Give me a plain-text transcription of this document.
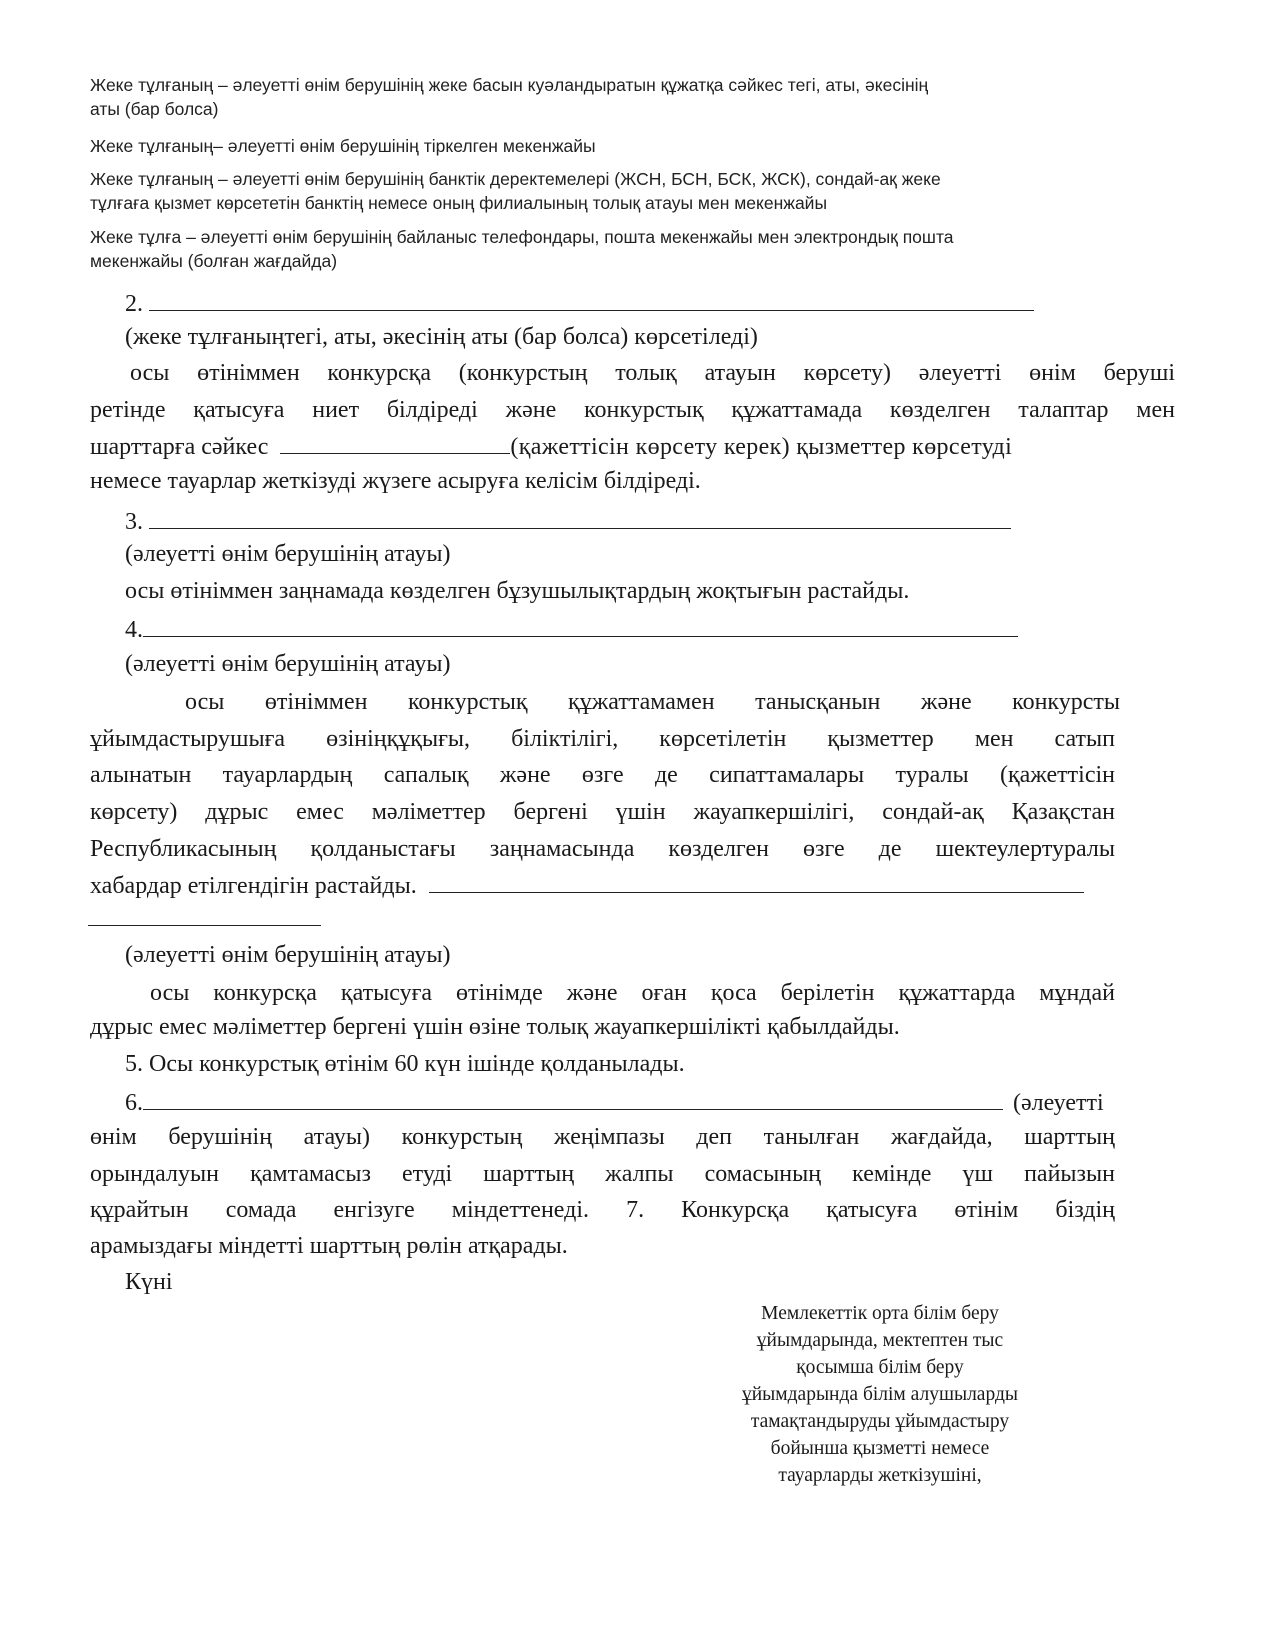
Жеке тұлғаның – әлеуетті өнім берушінің жеке басын куәландыратын құжатқа сәйкес тегі, аты, әкесінің
аты (бар болса)
Жеке тұлғаның– әлеуетті өнім берушінің тіркелген мекенжайы
Жеке тұлғаның – әлеуетті өнім берушінің банктік деректемелері (ЖСН, БСН, БСК, ЖСК), сондай-ақ жеке
тұлғаға қызмет көрсететін банктің немесе оның филиалының толық атауы мен мекенжайы
Жеке тұлға – әлеуетті өнім берушінің байланыс телефондары, пошта мекенжайы мен электрондық пошта
мекенжайы (болған жағдайда)
2.
(жеке тұлғаныңтегі, аты, әкесінің аты (бар болса) көрсетіледі)
осы өтініммен конкурсқа (конкурстың толық атауын көрсету) әлеуетті өнім беруші
ретінде қатысуға ниет білдіреді және конкурстық құжаттамада көзделген талаптар мен
шарттарға сәйкес	(қажеттісін көрсету керек) қызметтер көрсетуді
немесе тауарлар жеткізуді жүзеге асыруға келісім білдіреді.
3.
(әлеуетті өнім берушінің атауы)
осы өтініммен заңнамада көзделген бұзушылықтардың жоқтығын растайды.
4.
(әлеуетті өнім берушінің атауы)
осы өтініммен конкурстық құжаттамамен танысқанын және конкурсты
ұйымдастырушыға өзініңқұқығы, біліктілігі, көрсетілетін қызметтер мен сатып
алынатын тауарлардың сапалық және өзге де сипаттамалары туралы (қажеттісін
көрсету) дұрыс емес мәліметтер бергені үшін жауапкершілігі, сондай-ақ Қазақстан
Республикасының қолданыстағы заңнамасында көзделген өзге де шектеулертуралы
хабардар етілгендігін растайды.
(әлеуетті өнім берушінің атауы)
осы конкурсқа қатысуға өтінімде және оған қоса берілетін құжаттарда мұндай
дұрыс емес мәліметтер бергені үшін өзіне толық жауапкершілікті қабылдайды.
5. Осы конкурстық өтінім 60 күн ішінде қолданылады.
6.	(әлеуетті
өнім берушінің атауы) конкурстың жеңімпазы деп танылған жағдайда, шарттың
орындалуын қамтамасыз етуді шарттың жалпы сомасының кемінде үш пайызын
құрайтын сомада енгізуге міндеттенеді. 7. Конкурсқа қатысуға өтінім біздің
арамыздағы міндетті шарттың рөлін атқарады.
Күні
Мемлекеттік орта білім беру
ұйымдарында, мектептен тыс
қосымша білім беру
ұйымдарында білім алушыларды
тамақтандыруды ұйымдастыру
бойынша қызметті немесе
тауарларды жеткізушіні,
